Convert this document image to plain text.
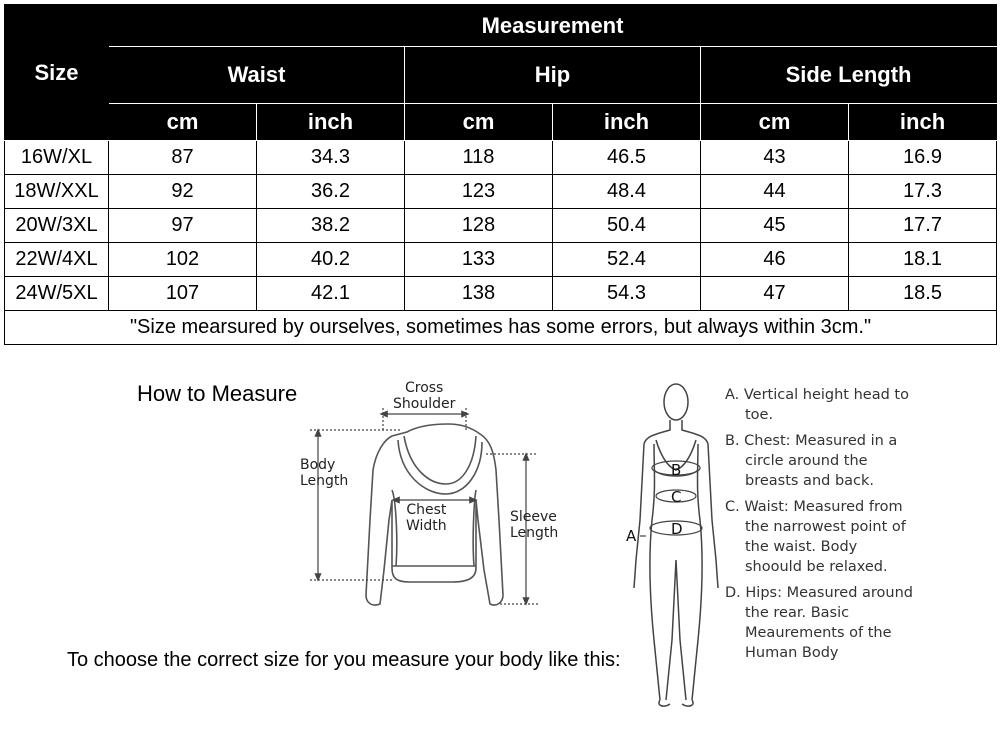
Size	Measurement					
	Waist		Hip		Side Length	
	cm	inch	cm	inch	cm	inch
16W/XL	87	34.3	118	46.5	43	16.9
18W/XXL	92	36.2	123	48.4	44	17.3
20W/3XL	97	38.2	128	50.4	45	17.7
22W/4XL	102	40.2	133	52.4	46	18.1
24W/5XL	107	42.1	138	54.3	47	18.5
"Size mearsured by ourselves, sometimes has some errors, but always within 3cm."						
How to Measure	Cross
Shoulder
Body
Length
Chest
Width
Sleeve
Length	A
B
C
D
A. Vertical height head to toe.
B. Chest: Measured in a circle around the breasts and back.
C. Waist: Measured from the narrowest point of the waist. Body shoould be relaxed.
D. Hips: Measured around the rear. Basic Meaurements of the Human Body
To choose the correct size for you measure your body like this:
